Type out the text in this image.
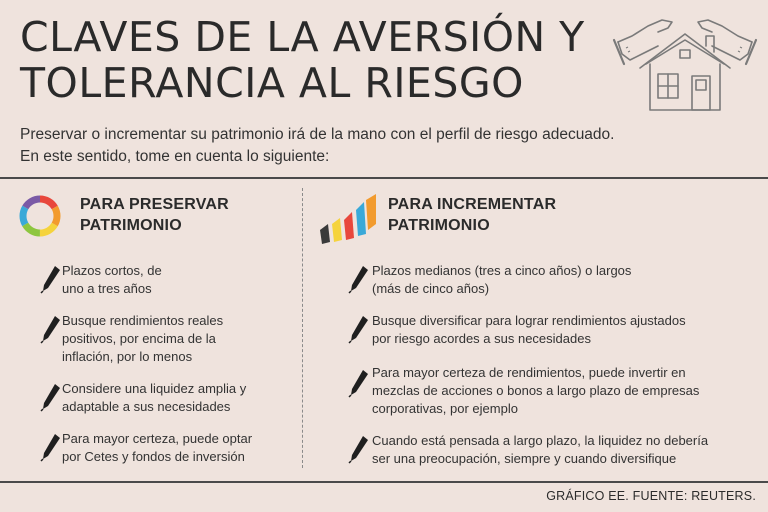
CLAVES DE LA AVERSIÓN Y
TOLERANCIA AL RIESGO
Preservar o incrementar su patrimonio irá de la mano con el perfil de riesgo adecuado.
En este sentido, tome en cuenta lo siguiente:
PARA PRESERVAR
PATRIMONIO
Plazos cortos, de
uno a tres años
Busque rendimientos reales
positivos, por encima de la
inflación, por lo menos
Considere una liquidez amplia y
adaptable a sus necesidades
Para mayor certeza, puede optar
por Cetes y fondos de inversión
PARA INCREMENTAR
PATRIMONIO
Plazos medianos (tres a cinco años) o largos
(más de cinco años)
Busque diversificar para lograr rendimientos ajustados
por riesgo acordes a sus necesidades
Para mayor certeza de rendimientos, puede invertir en
mezclas de acciones o bonos a largo plazo de empresas
corporativas, por ejemplo
Cuando está pensada a largo plazo, la liquidez no debería
ser una preocupación, siempre y cuando diversifique
GRÁFICO EE. FUENTE: REUTERS.
